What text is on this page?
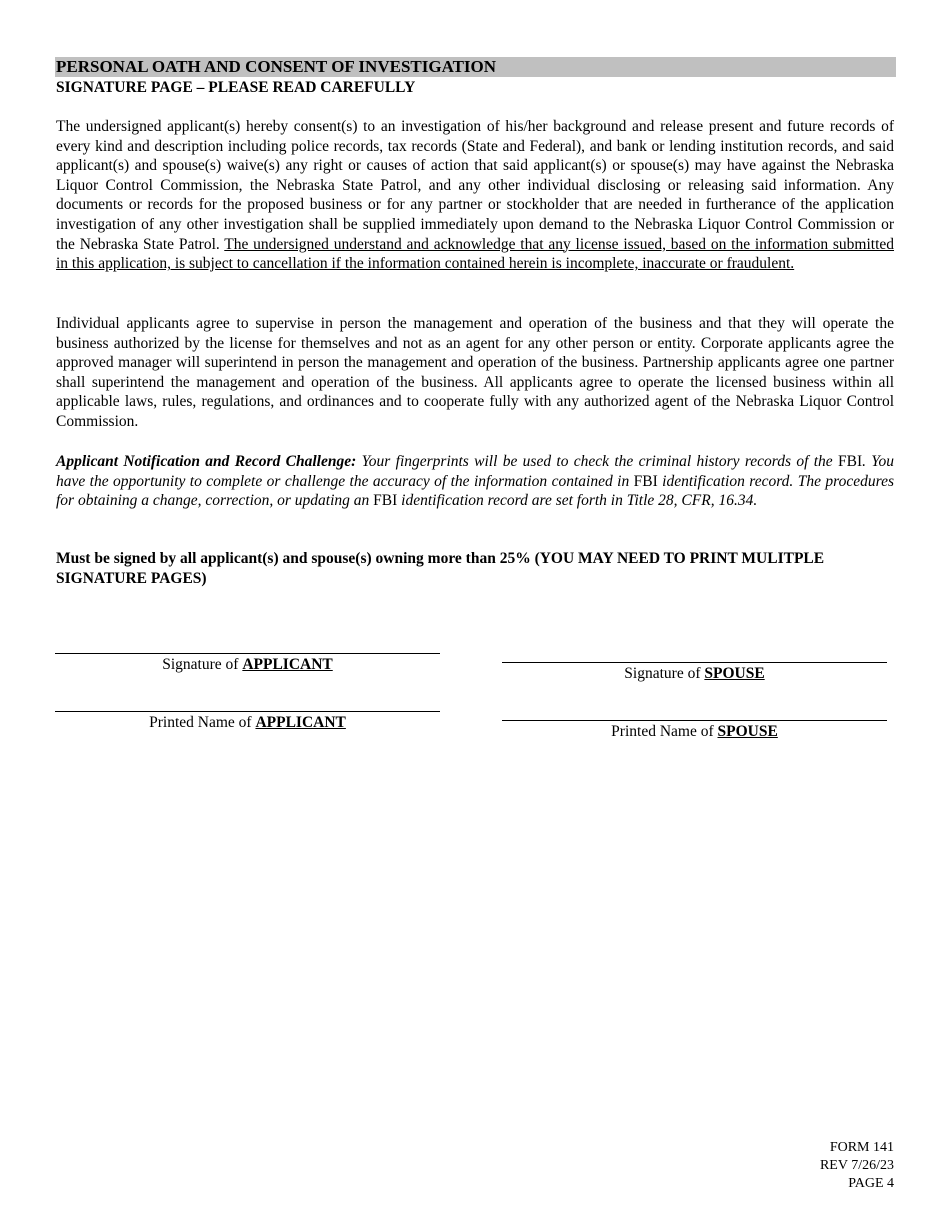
PERSONAL OATH AND CONSENT OF INVESTIGATION
SIGNATURE PAGE – PLEASE READ CAREFULLY

The undersigned applicant(s) hereby consent(s) to an investigation of his/her background and release present and future records of every kind and description including police records, tax records (State and Federal), and bank or lending institution records, and said applicant(s) and spouse(s) waive(s) any right or causes of action that said applicant(s) or spouse(s) may have against the Nebraska Liquor Control Commission, the Nebraska State Patrol, and any other individual disclosing or releasing said information. Any documents or records for the proposed business or for any partner or stockholder that are needed in furtherance of the application investigation of any other investigation shall be supplied immediately upon demand to the Nebraska Liquor Control Commission or the Nebraska State Patrol. The undersigned understand and acknowledge that any license issued, based on the information submitted in this application, is subject to cancellation if the information contained herein is incomplete, inaccurate or fraudulent.

Individual applicants agree to supervise in person the management and operation of the business and that they will operate the business authorized by the license for themselves and not as an agent for any other person or entity. Corporate applicants agree the approved manager will superintend in person the management and operation of the business. Partnership applicants agree one partner shall superintend the management and operation of the business. All applicants agree to operate the licensed business within all applicable laws, rules, regulations, and ordinances and to cooperate fully with any authorized agent of the Nebraska Liquor Control Commission.

Applicant Notification and Record Challenge: Your fingerprints will be used to check the criminal history records of the FBI. You have the opportunity to complete or challenge the accuracy of the information contained in FBI identification record. The procedures for obtaining a change, correction, or updating an FBI identification record are set forth in Title 28, CFR, 16.34.

Must be signed by all applicant(s) and spouse(s) owning more than 25% (YOU MAY NEED TO PRINT MULITPLE SIGNATURE PAGES)

Signature of APPLICANT
Printed Name of APPLICANT
Signature of SPOUSE
Printed Name of SPOUSE
FORM 141
REV 7/26/23
PAGE 4
